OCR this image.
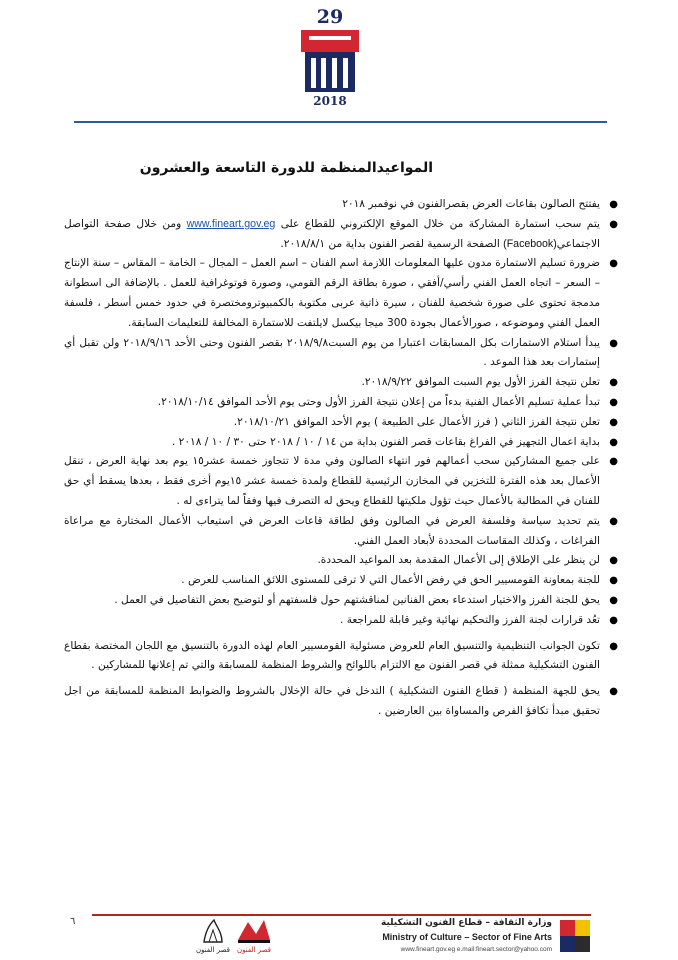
29
2018
المواعيدالمنظمة للدورة التاسعة والعشرون
●
يفتتح الصالون بقاعات العرض بقصرالفنون في نوفمبر ٢٠١٨
●
يتم سحب استمارة المشاركة من خلال الموقع الإلكتروني للقطاع على www.fineart.gov.eg ومن خلال صفحة التواصل الاجتماعي(Facebook) الصفحة الرسمية لقصر الفنون بداية من ٢٠١٨/٨/١.
●
ضرورة تسليم الاستمارة مدون عليها المعلومات اللازمة اسم الفنان – اسم العمل – المجال – الخامة – المقاس – سنة الإنتاج – السعر – اتجاه العمل الفني رأسي/أفقي ، صورة بطاقة الرقم القومي، وصورة فوتوغرافية للعمل . بالإضافة الى اسطوانة مدمجة تحتوى على صورة شخصية للفنان ، سيرة ذاتية عربى مكتوبة بالكمبيوترومختصرة في حدود خمس أسطر ، فلسفة العمل الفني وموضوعه ، صورالأعمال بجودة 300 ميجا بيكسل لايلتفت للاستمارة المخالفة للتعليمات السابقة.
●
يبدأ استلام الاستمارات بكل المسابقات اعتبارا من يوم السبت٢٠١٨/٩/٨ بقصر الفنون وحتى الأحد ٢٠١٨/٩/١٦ ولن تقبل أي إستمارات بعد هذا الموعد .
●
تعلن نتيجة الفرز الأول يوم السبت الموافق ٢٠١٨/٩/٢٢.
●
تبدأ عملية تسليم الأعمال الفنية بدءاً من إعلان نتيجة الفرز الأول وحتى يوم الأحد الموافق ٢٠١٨/١٠/١٤.
●
تعلن نتيجة الفرز الثاني ( فرز الأعمال على الطبيعة ) يوم الأحد الموافق ٢٠١٨/١٠/٢١.
●
بداية اعمال التجهيز في الفراغ بقاعات قصر الفنون بداية من ١٤ / ١٠ / ٢٠١٨ حتى ٣٠ / ١٠ / ٢٠١٨ .
●
على جميع المشاركين سحب أعمالهم فور انتهاء الصالون وفي مدة لا تتجاوز خمسة عشر١٥ يوم بعد نهاية العرض ، تنقل الأعمال بعد هذه الفترة للتخزين في المخازن الرئيسية للقطاع ولمدة خمسة عشر ١٥يوم أخرى فقط ، بعدها يسقط أي حق للفنان في المطالبة بالأعمال حيث تؤول ملكيتها للقطاع ويحق له التصرف فيها وفقاً لما يتراءى له .
●
يتم تحديد سياسة وفلسفة العرض في الصالون وفق لطاقة قاعات العرض في استيعاب الأعمال المختارة مع مراعاة الفراغات ، وكذلك المقاسات المحددة لأبعاد العمل الفني.
●
لن ينظر على الإطلاق إلى الأعمال المقدمة بعد المواعيد المحددة.
●
للجنة بمعاونة القومسيير الحق في رفض الأعمال التي لا ترقى للمستوى اللائق المناسب للعرض .
●
يحق للجنة الفرز والاختيار استدعاء بعض الفنانين لمناقشتهم حول فلسفتهم أو لتوضيح بعض التفاصيل في العمل .
●
تعُد قرارات لجنة الفرز والتحكيم نهائية وغير قابلة للمراجعة .
●
تكون الجوانب التنظيمية والتنسيق العام للعروض مسئولية القومسيير العام لهذه الدورة بالتنسيق مع اللجان المختصة بقطاع الفنون التشكيلية ممثلة في قصر الفنون مع الالتزام باللوائح والشروط المنظمة للمسابقة والتي تم إعلانها للمشاركين .
●
يحق للجهة المنظمة ( قطاع الفنون التشكيلية ) التدخل في حالة الإخلال بالشروط والضوابط المنظمة للمسابقة من اجل تحقيق مبدأ تكافؤ الفرص والمساواة بين العارضين .
٦	وزارة الثقافة – قطاع الفنون التشكيلية
Ministry of Culture – Sector of Fine Arts
www.fineart.gov.eg e.mail:fineart.sector@yahoo.com
قصر الفنون
قصر الفنون
